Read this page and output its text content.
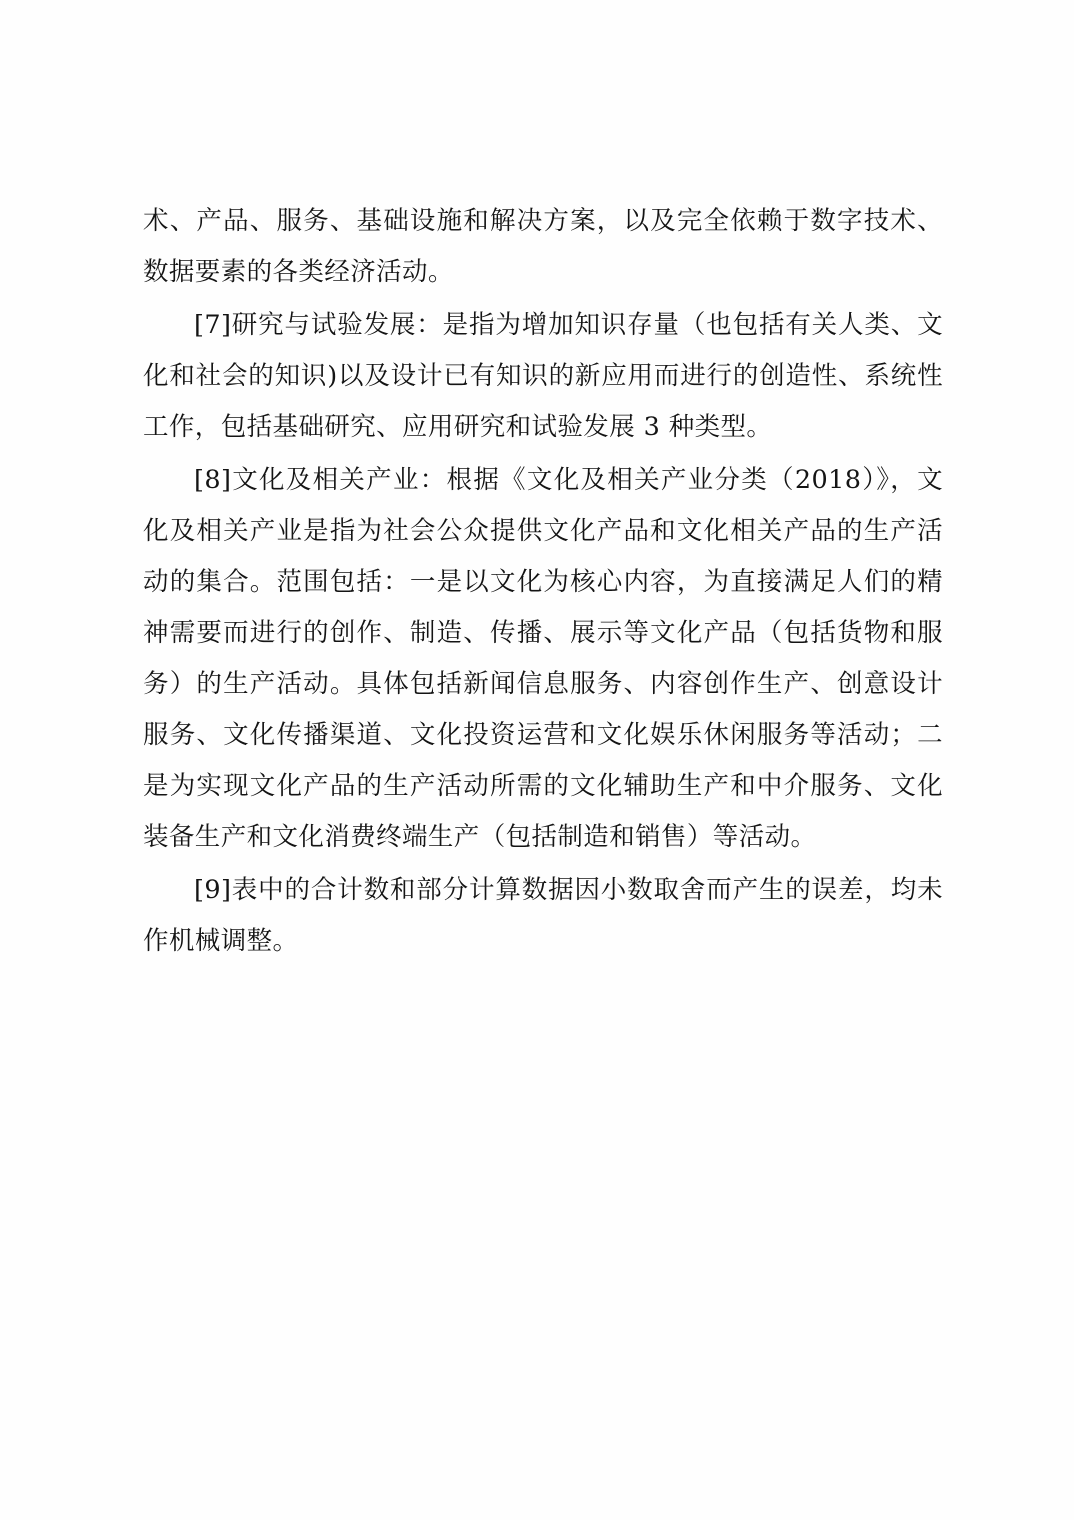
术、产品、服务、基础设施和解决方案，以及完全依赖于数字技术、数据要素的各类经济活动。

[7]研究与试验发展：是指为增加知识存量（也包括有关人类、文化和社会的知识)以及设计已有知识的新应用而进行的创造性、系统性工作，包括基础研究、应用研究和试验发展 3 种类型。

[8]文化及相关产业：根据《文化及相关产业分类（2018）》，文化及相关产业是指为社会公众提供文化产品和文化相关产品的生产活动的集合。范围包括：一是以文化为核心内容，为直接满足人们的精神需要而进行的创作、制造、传播、展示等文化产品（包括货物和服务）的生产活动。具体包括新闻信息服务、内容创作生产、创意设计服务、文化传播渠道、文化投资运营和文化娱乐休闲服务等活动；二是为实现文化产品的生产活动所需的文化辅助生产和中介服务、文化装备生产和文化消费终端生产（包括制造和销售）等活动。

[9]表中的合计数和部分计算数据因小数取舍而产生的误差，均未作机械调整。
